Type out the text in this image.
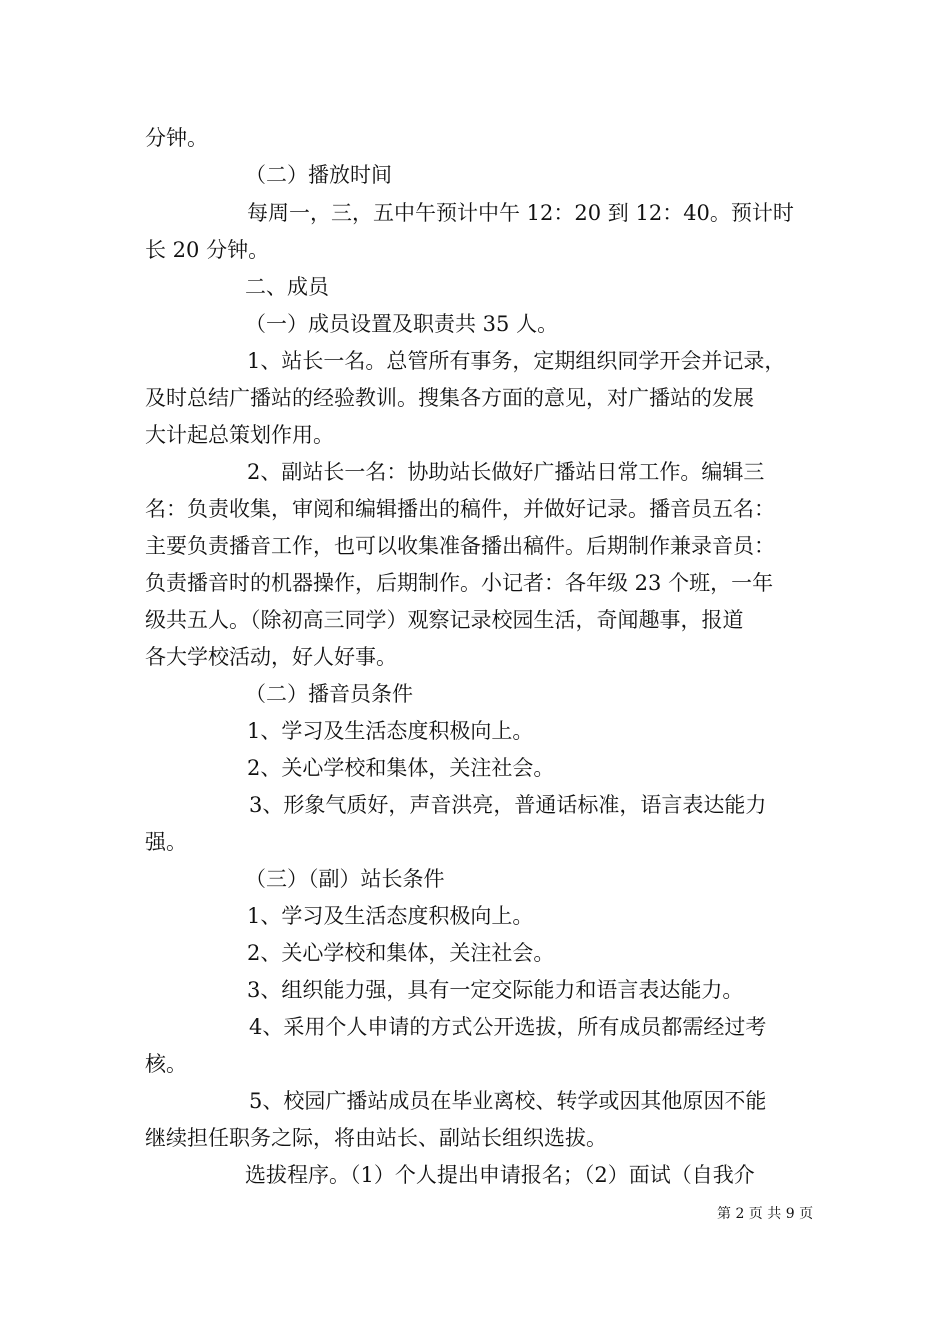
分钟。

（二）播放时间

每周一，三，五中午预计中午 12：20 到 12：40。预计时

长 20 分钟。

二、成员

（一）成员设置及职责共 35 人。

1、站长一名。总管所有事务，定期组织同学开会并记录，

及时总结广播站的经验教训。搜集各方面的意见，对广播站的发展

大计起总策划作用。

2、副站长一名：协助站长做好广播站日常工作。编辑三

名：负责收集，审阅和编辑播出的稿件，并做好记录。播音员五名：

主要负责播音工作，也可以收集准备播出稿件。后期制作兼录音员：

负责播音时的机器操作，后期制作。小记者：各年级 23 个班，一年

级共五人。（除初高三同学）观察记录校园生活，奇闻趣事，报道

各大学校活动，好人好事。

（二）播音员条件

1、学习及生活态度积极向上。

2、关心学校和集体，关注社会。

3、形象气质好，声音洪亮，普通话标准，语言表达能力

强。

（三）（副）站长条件

1、学习及生活态度积极向上。

2、关心学校和集体，关注社会。

3、组织能力强，具有一定交际能力和语言表达能力。

4、采用个人申请的方式公开选拔，所有成员都需经过考

核。

5、校园广播站成员在毕业离校、转学或因其他原因不能

继续担任职务之际，将由站长、副站长组织选拔。

选拔程序。（1）个人提出申请报名；（2）面试（自我介

第 2 页 共 9 页
